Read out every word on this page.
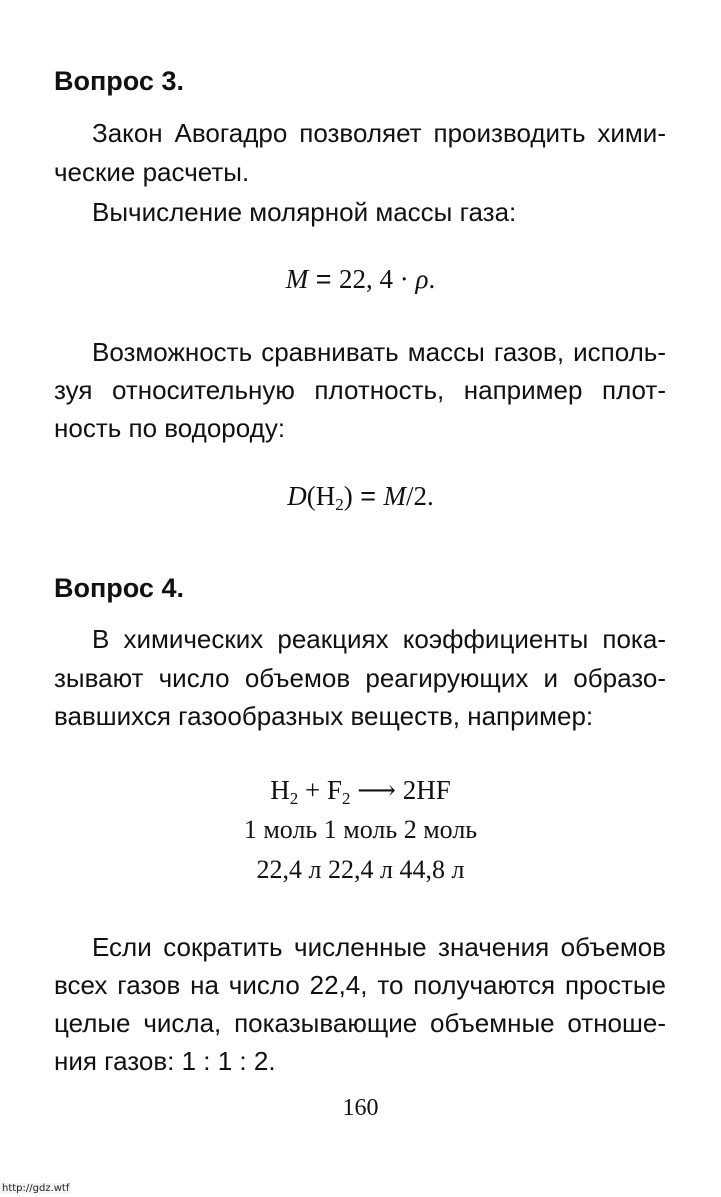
Вопрос 3.
Закон Авогадро позволяет производить хими-
ческие расчеты.
Вычисление молярной массы газа:
M = 22, 4 · ρ.
Возможность сравнивать массы газов, исполь-
зуя относительную плотность, например плот-
ность по водороду:
$D(H_2) = M/2$.
Вопрос 4.
В химических реакциях коэффициенты пока-
зывают число объемов реагирующих и образо-
вавшихся газообразных веществ, например:
$H_2 + F_2$ ⟶ 2HF
1 моль 1 моль 2 моль
22,4 л 22,4 л 44,8 л
Если сократить численные значения объемов
всех газов на число 22,4, то получаются простые
целые числа, показывающие объемные отноше-
ния газов: 1 : 1 : 2.
160
http://gdz.wtf
